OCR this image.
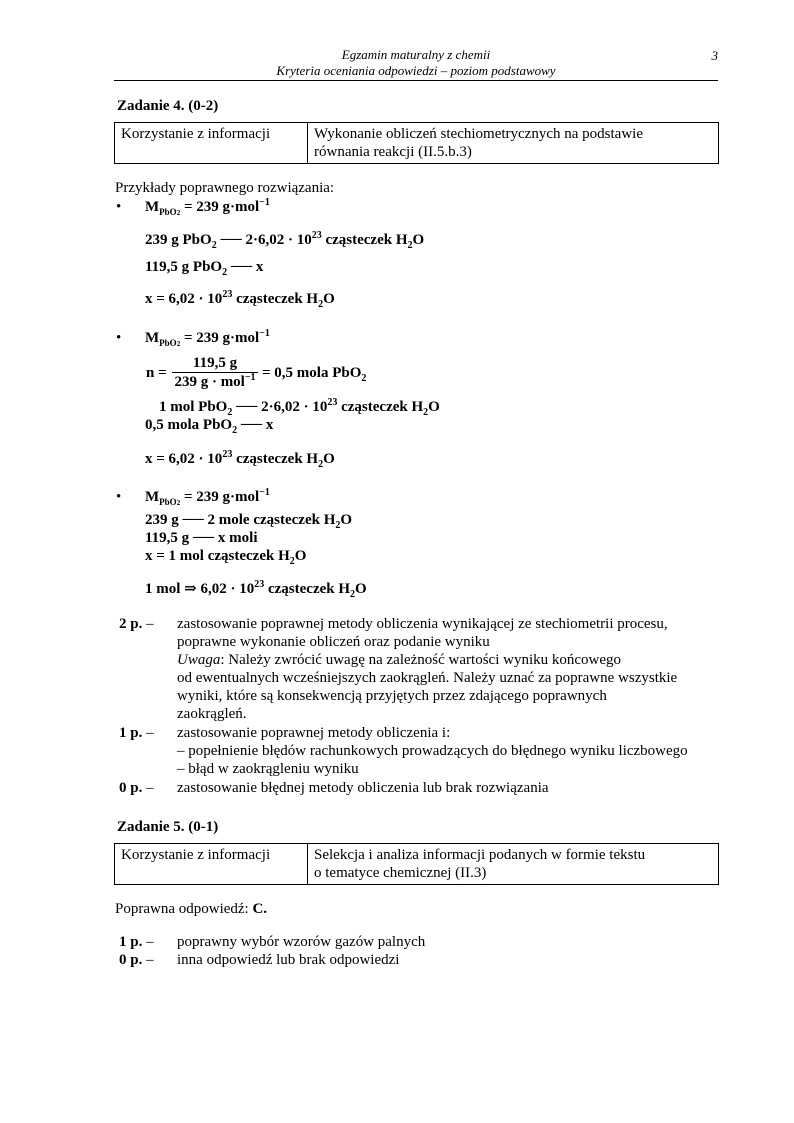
Egzamin maturalny z chemii
Kryteria oceniania odpowiedzi – poziom podstawowy
3
Zadanie 4. (0-2)
Korzystanie z informacji	Wykonanie obliczeń stechiometrycznych na podstawie
równania reakcji (II.5.b.3)
Przykłady poprawnego rozwiązania:
• $M_{PbO2} = 239$ g·mol$^{-1}$
239 g PbO$_2$ ── $2\cdot 6,02 \cdot 10^{23}$ cząsteczek $H_2O$
119,5 g PbO$_2$ ── x
$x = 6,02 \cdot 10^{23}$ cząsteczek $H_2O$
• $M_{PbO2} = 239$ g·mol$^{-1}$
n =
119,5 g
239 g · mol$^{-1}$ = 0,5 mola PbO$_2$
1 mol PbO$_2$ ── $2\cdot 6,02 \cdot 10^{23}$ cząsteczek $H_2O$
0,5 mola PbO$_2$ ── x
$x = 6,02 \cdot 10^{23}$ cząsteczek $H_2O$
• $M_{PbO2} = 239$ g·mol$^{-1}$
239 g ── 2 mole cząsteczek $H_2O$
119,5 g ── x moli
x = 1 mol cząsteczek $H_2O$
1 mol ⇒ $6,02 \cdot 10^{23}$ cząsteczek $H_2O$
2 p. – zastosowanie poprawnej metody obliczenia wynikającej ze stechiometrii procesu,
poprawne wykonanie obliczeń oraz podanie wyniku
Uwaga: Należy zwrócić uwagę na zależność wartości wyniku końcowego
od ewentualnych wcześniejszych zaokrągleń. Należy uznać za poprawne wszystkie
wyniki, które są konsekwencją przyjętych przez zdającego poprawnych
zaokrągleń.
1 p. – zastosowanie poprawnej metody obliczenia i:
– popełnienie błędów rachunkowych prowadzących do błędnego wyniku liczbowego
– błąd w zaokrągleniu wyniku
0 p. – zastosowanie błędnej metody obliczenia lub brak rozwiązania
Zadanie 5. (0-1)
Korzystanie z informacji	Selekcja i analiza informacji podanych w formie tekstu
o tematyce chemicznej (II.3)
Poprawna odpowiedź: C.
1 p. – poprawny wybór wzorów gazów palnych
0 p. – inna odpowiedź lub brak odpowiedzi
